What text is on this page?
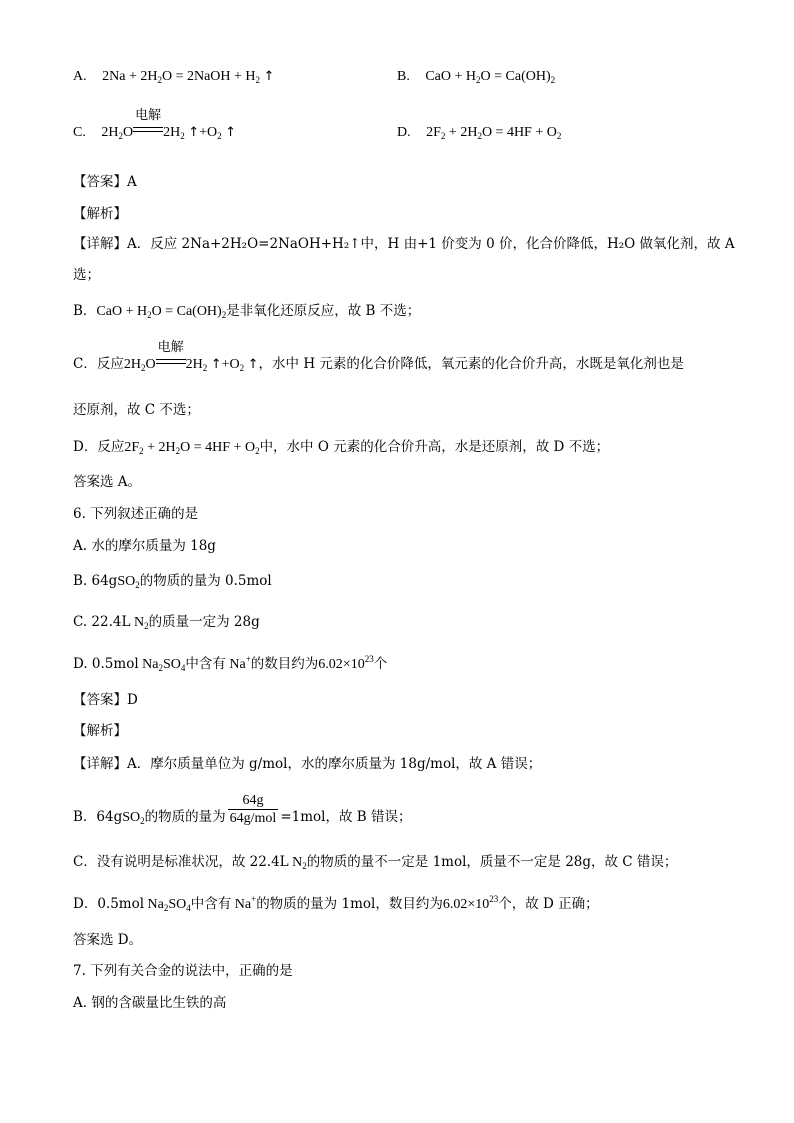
A. $2Na + 2H_2O$ = 2NaOH + $H_2$ ↑	B. CaO + $H_2O = Ca(OH)_2$
C. $2H_2O$
电解
$2H_2$ $↑+O_2$ ↑	D. $2F_2 + 2H_2O = 4HF + O_2$
【答案】A
【解析】
【详解】A．反应 2Na+2H₂O=2NaOH+H₂↑中，H 由+1 价变为 0 价，化合价降低，H₂O 做氧化剂，故 A
选；
B．CaO + $H_2O = Ca(OH)_2$是非氧化还原反应，故 B 不选；
C．反应$2H_2O$
电解
$2H_2$ $↑+O_2$ ↑，水中 H 元素的化合价降低，氧元素的化合价升高，水既是氧化剂也是
还原剂，故 C 不选；
D．反应$2F_2 + 2H_2O = 4HF + O_2$中，水中 O 元素的化合价升高，水是还原剂，故 D 不选；
答案选 A。
6. 下列叙述正确的是
A. 水的摩尔质量为 18g
B. 64gSO$_2$的物质的量为 0.5mol
C. 22.4L $N_2$的质量一定为 28g
D. 0.5mol $Na_2SO_4$中含有 Na+的数目约为$6.02\times 10^{23}$个
【答案】D
【解析】
【详解】A．摩尔质量单位为 g/mol，水的摩尔质量为 18g/mol，故 A 错误；
B．64gSO$_2$的物质的量为 $\frac{64g}{\text{64g/mol}} =1mol$，故 B 错误；
C．没有说明是标准状况，故 22.4L $N_2$的物质的量不一定是 1mol，质量不一定是 28g，故 C 错误；
D．0.5mol $Na_2SO_4$中含有 Na+的物质的量为 1mol，数目约为$6.02\times 10^{23}$个，故 D 正确；
答案选 D。
7. 下列有关合金的说法中，正确的是
A. 钢的含碳量比生铁的高
